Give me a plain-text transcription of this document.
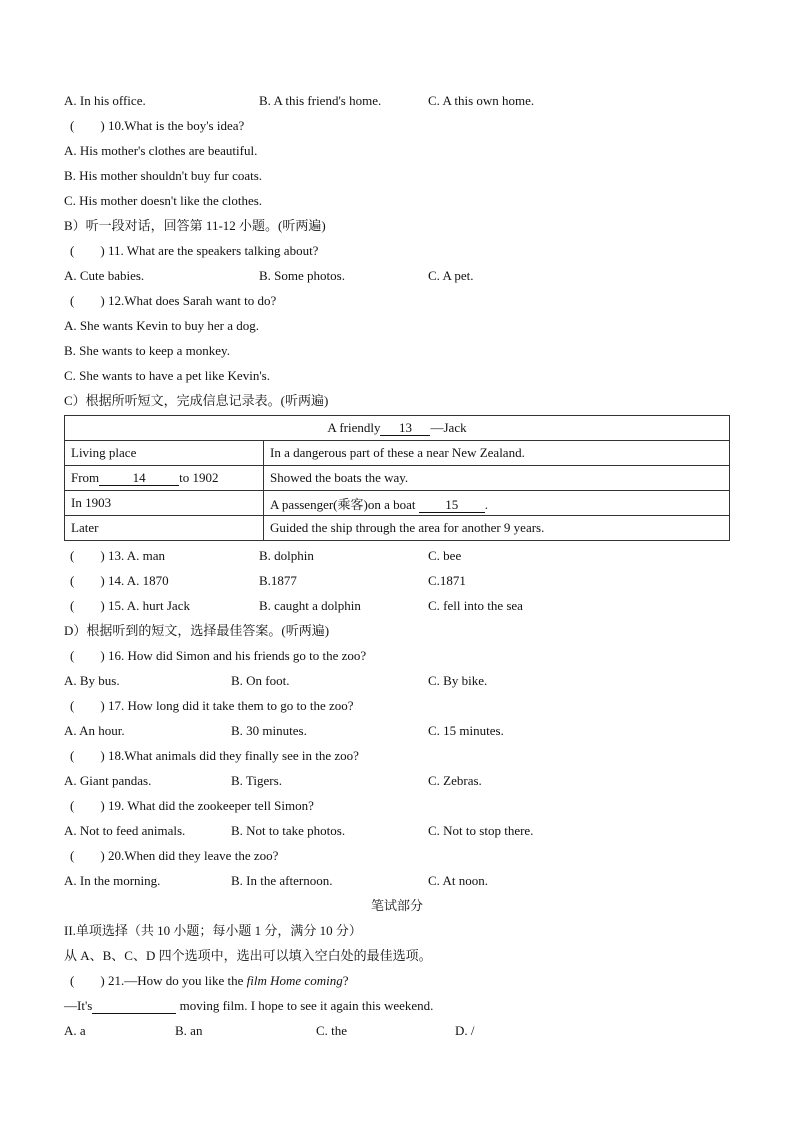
A. In his office.	B. A this friend's home.	C. A this own home.
( ) 10.What is the boy's idea?
A. His mother's clothes are beautiful.
B. His mother shouldn't buy fur coats.
C. His mother doesn't like the clothes.
B）听一段对话，回答第 11-12 小题。(听两遍)
( ) 11. What are the speakers talking about?
A. Cute babies.	B. Some photos.	C. A pet.
( ) 12.What does Sarah want to do?
A. She wants Kevin to buy her a dog.
B. She wants to keep a monkey.
C. She wants to have a pet like Kevin's.
C）根据所听短文，完成信息记录表。(听两遍)
A friendly 13 —Jack	
Living place	In a dangerous part of these a near New Zealand.
From 14 to 1902	Showed the boats the way.
In 1903	A passenger(乘客)on a boat 15 .
Later	Guided the ship through the area for another 9 years.
( ) 13. A. man	B. dolphin	C. bee
( ) 14. A. 1870	B.1877	C.1871
( ) 15. A. hurt Jack	B. caught a dolphin	C. fell into the sea
D）根据听到的短文，选择最佳答案。(听两遍)
( ) 16. How did Simon and his friends go to the zoo?
A. By bus.	B. On foot.	C. By bike.
( ) 17. How long did it take them to go to the zoo?
A. An hour.	B. 30 minutes.	C. 15 minutes.
( ) 18.What animals did they finally see in the zoo?
A. Giant pandas.	B. Tigers.	C. Zebras.
( ) 19. What did the zookeeper tell Simon?
A. Not to feed animals.	B. Not to take photos.	C. Not to stop there.
( ) 20.When did they leave the zoo?
A. In the morning.	B. In the afternoon.	C. At noon.
笔试部分
II.单项选择（共 10 小题；每小题 1 分，满分 10 分）
从 A、B、C、D 四个选项中，选出可以填入空白处的最佳选项。
( ) 21.—How do you like the film Home coming?
—It's	moving film. I hope to see it again this weekend.
A. a	B. an	C. the	D. /
